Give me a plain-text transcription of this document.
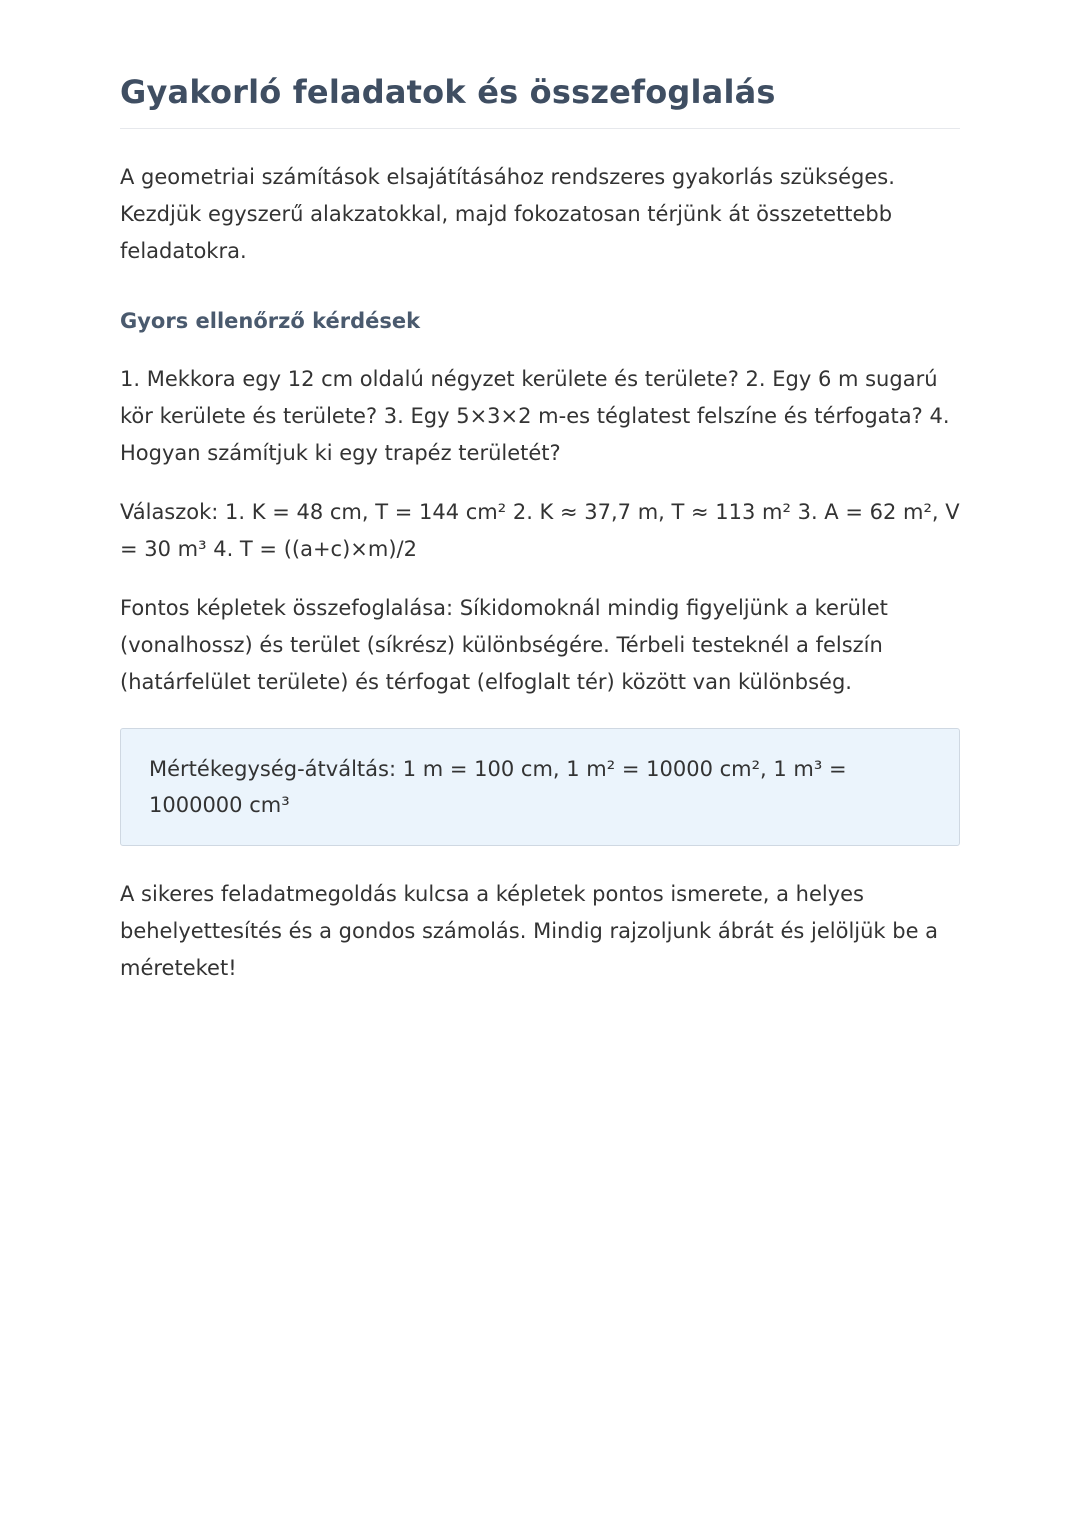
Gyakorló feladatok és összefoglalás

A geometriai számítások elsajátításához rendszeres gyakorlás szükséges. Kezdjük egyszerű alakzatokkal, majd fokozatosan térjünk át összetettebb feladatokra.

Gyors ellenőrző kérdések

1. Mekkora egy 12 cm oldalú négyzet kerülete és területe? 2. Egy 6 m sugarú kör kerülete és területe? 3. Egy 5×3×2 m-es téglatest felszíne és térfogata? 4. Hogyan számítjuk ki egy trapéz területét?

Válaszok: 1. K = 48 cm, T = 144 cm² 2. K ≈ 37,7 m, T ≈ 113 m² 3. A = 62 m², V = 30 m³ 4. T = ((a+c)×m)/2

Fontos képletek összefoglalása: Síkidomoknál mindig figyeljünk a kerület (vonalhossz) és terület (síkrész) különbségére. Térbeli testeknél a felszín (határfelület területe) és térfogat (elfoglalt tér) között van különbség.

Mértékegység-átváltás: 1 m = 100 cm, 1 m² = 10000 cm², 1 m³ = 1000000 cm³

A sikeres feladatmegoldás kulcsa a képletek pontos ismerete, a helyes behelyettesítés és a gondos számolás. Mindig rajzoljunk ábrát és jelöljük be a méreteket!
